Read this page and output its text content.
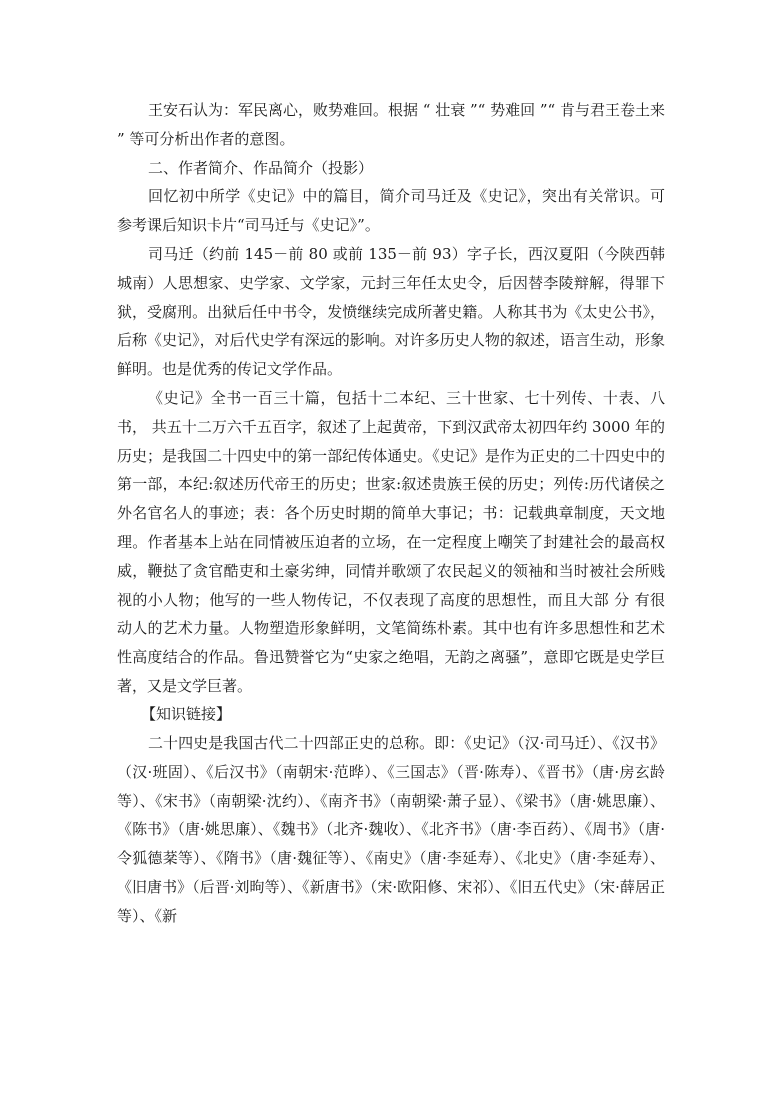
王安石认为：军民离心，败势难回。根据 “ 壮衰 ”“ 势难回 ”“ 肯与君王卷土来 ” 等可分析出作者的意图。

二、作者简介、作品简介（投影）

回忆初中所学《史记》中的篇目，简介司马迁及《史记》，突出有关常识。可参考课后知识卡片“司马迁与《史记》”。

司马迁（约前 145－前 80 或前 135－前 93）字子长，西汉夏阳（今陕西韩城南）人思想家、史学家、文学家，元封三年任太史令，后因替李陵辩解，得罪下狱，受腐刑。出狱后任中书令，发愤继续完成所著史籍。人称其书为《太史公书》，后称《史记》，对后代史学有深远的影响。对许多历史人物的叙述，语言生动，形象鲜明。也是优秀的传记文学作品。

《史记》全书一百三十篇，包括十二本纪、三十世家、七十列传、十表、八书， 共五十二万六千五百字，叙述了上起黄帝，下到汉武帝太初四年约 3000 年的历史；是我国二十四史中的第一部纪传体通史。《史记》是作为正史的二十四史中的第一部，本纪:叙述历代帝王的历史；世家:叙述贵族王侯的历史；列传:历代诸侯之外名官名人的事迹；表：各个历史时期的简单大事记；书：记载典章制度，天文地理。作者基本上站在同情被压迫者的立场，在一定程度上嘲笑了封建社会的最高权威，鞭挞了贪官酷吏和土豪劣绅，同情并歌颂了农民起义的领袖和当时被社会所贱视的小人物；他写的一些人物传记，不仅表现了高度的思想性，而且大部 分 有很动人的艺术力量。人物塑造形象鲜明，文笔简练朴素。其中也有许多思想性和艺术性高度结合的作品。鲁迅赞誉它为“史家之绝唱，无韵之离骚”，意即它既是史学巨著，又是文学巨著。

【知识链接】

二十四史是我国古代二十四部正史的总称。即：《史记》（汉·司马迁）、《汉书》（汉·班固）、《后汉书》（南朝宋·范晔）、《三国志》（晋·陈寿）、《晋书》（唐·房玄龄等）、《宋书》（南朝梁·沈约）、《南齐书》（南朝梁·萧子显）、《梁书》（唐·姚思廉）、《陈书》（唐·姚思廉）、《魏书》（北齐·魏收）、《北齐书》（唐·李百药）、《周书》（唐·令狐德棻等）、《隋书》（唐·魏征等）、《南史》（唐·李延寿）、《北史》（唐·李延寿）、《旧唐书》（后晋·刘昫等）、《新唐书》（宋·欧阳修、宋祁）、《旧五代史》（宋·薛居正等）、《新
